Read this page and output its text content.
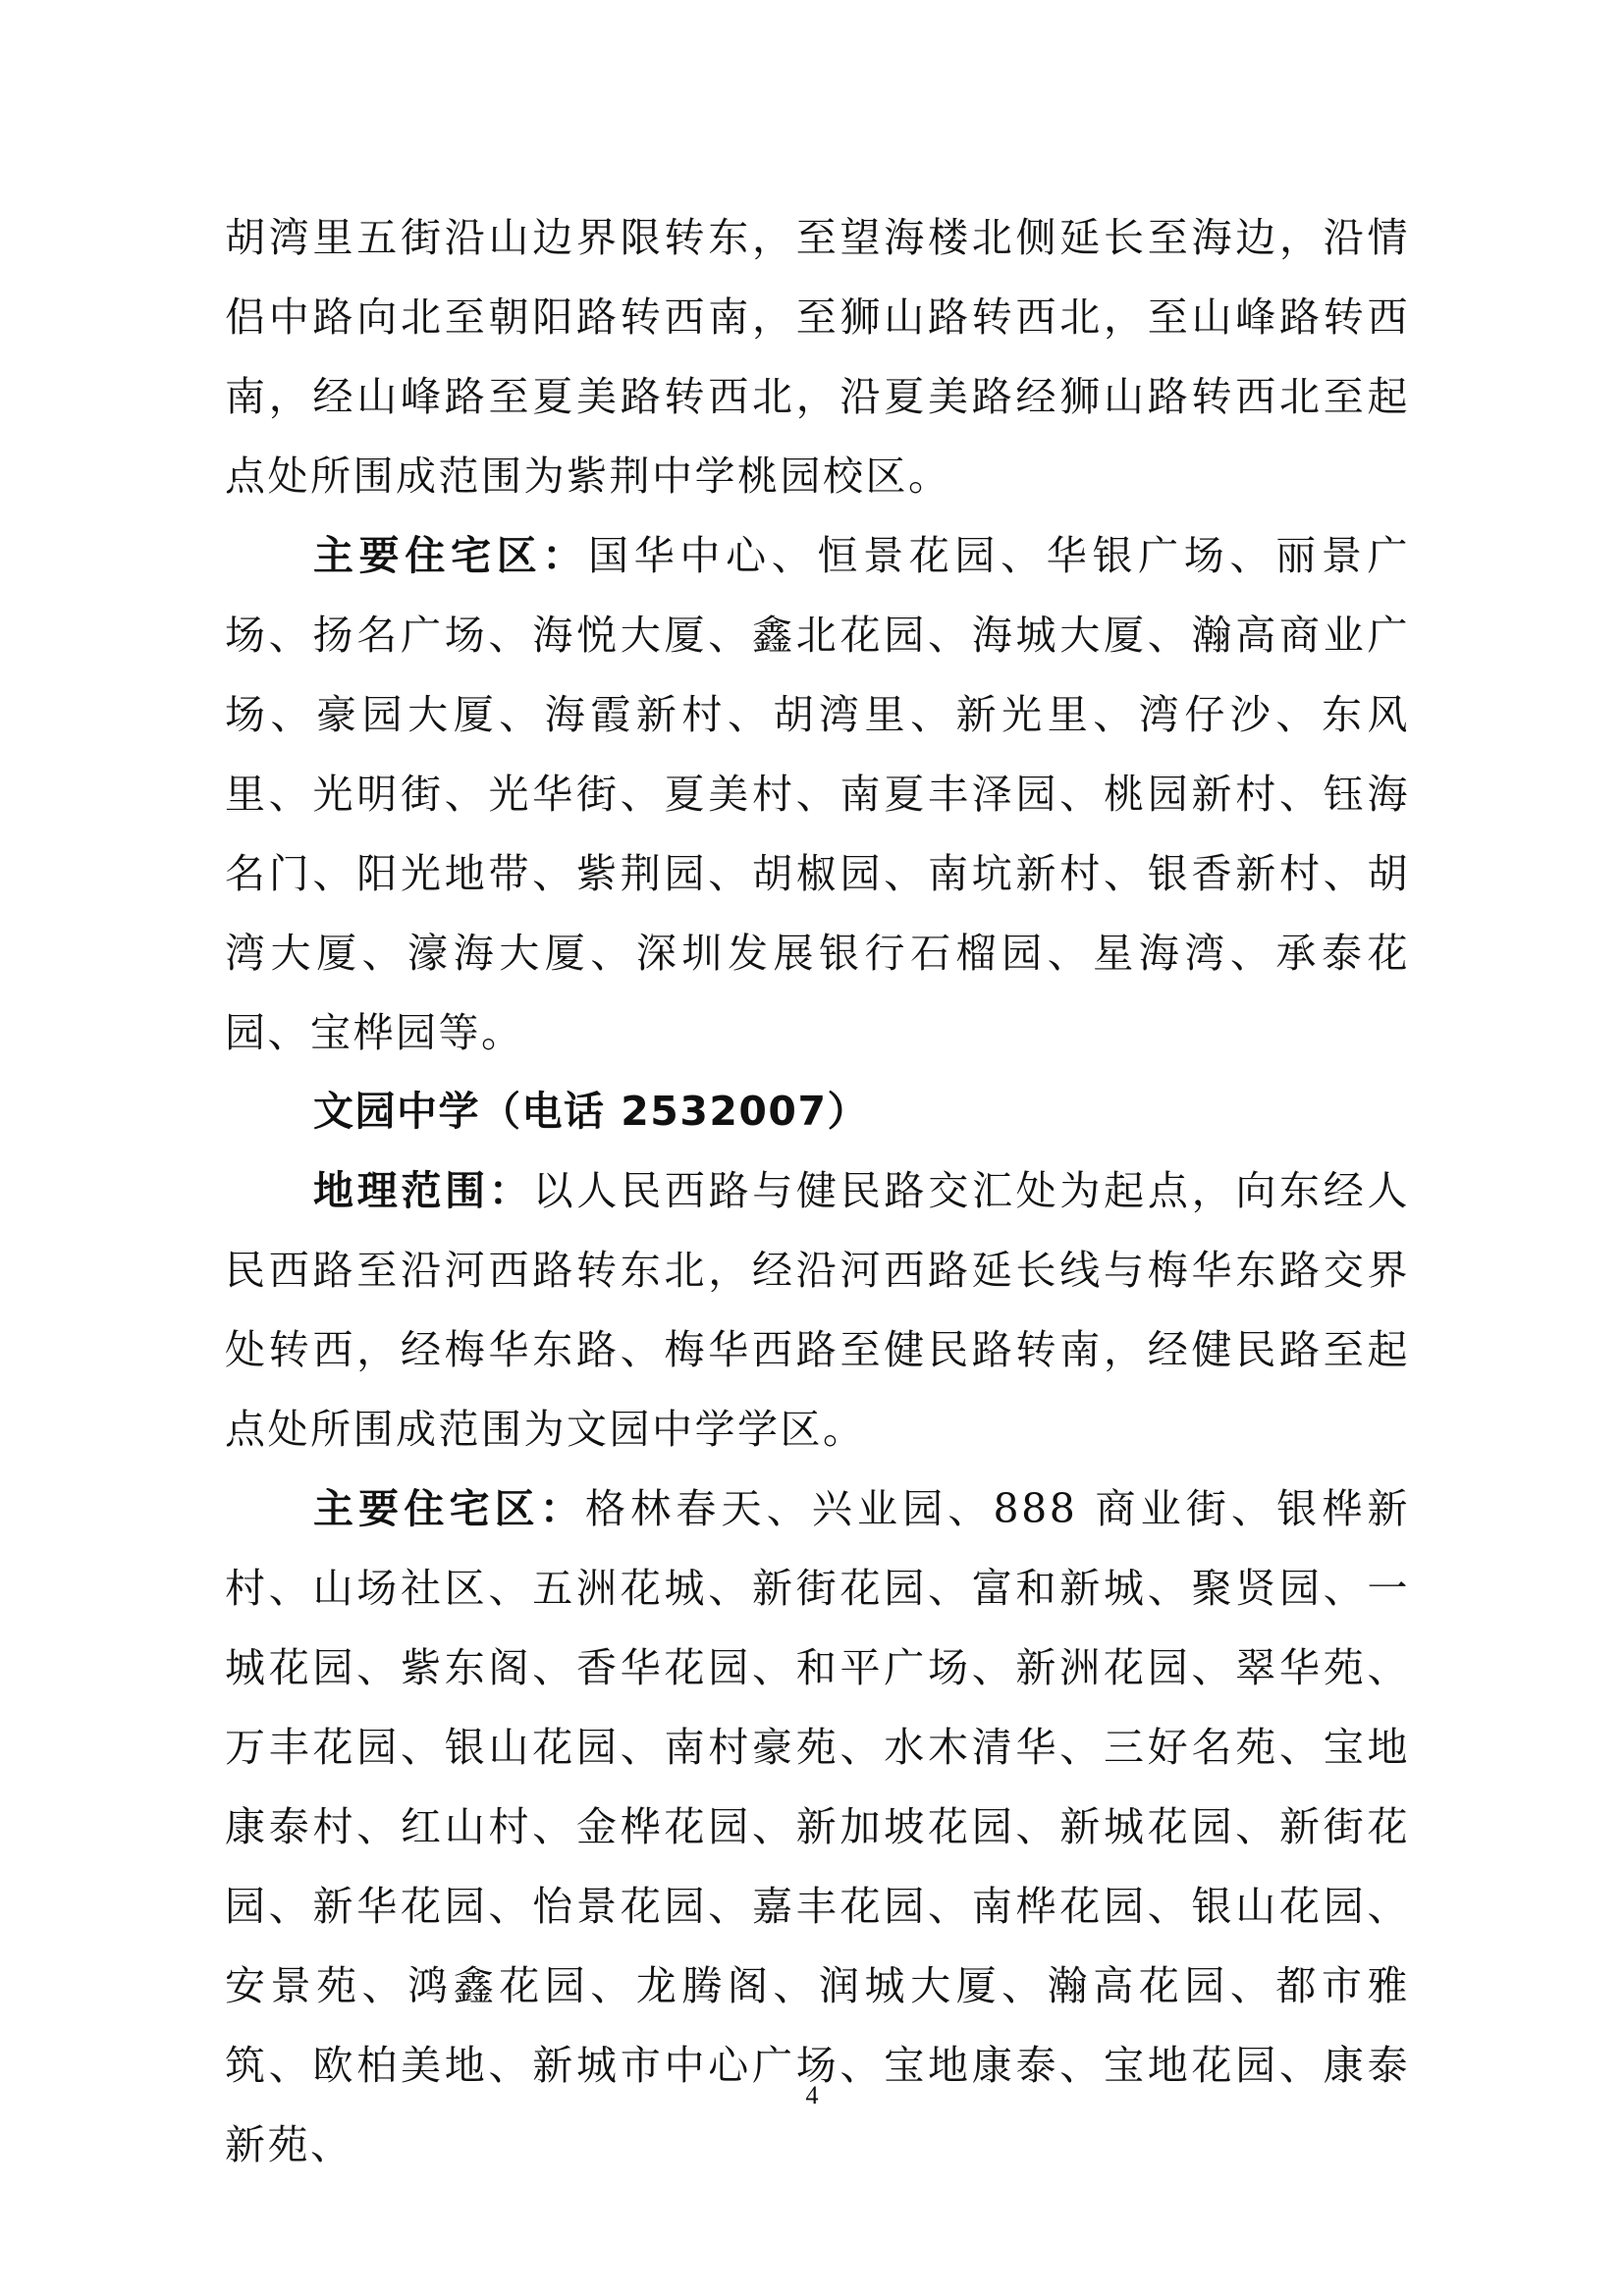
胡湾里五街沿山边界限转东，至望海楼北侧延长至海边，沿情侣中路向北至朝阳路转西南，至狮山路转西北，至山峰路转西南，经山峰路至夏美路转西北，沿夏美路经狮山路转西北至起点处所围成范围为紫荆中学桃园校区。

主要住宅区：国华中心、恒景花园、华银广场、丽景广场、扬名广场、海悦大厦、鑫北花园、海城大厦、瀚高商业广场、豪园大厦、海霞新村、胡湾里、新光里、湾仔沙、东风里、光明街、光华街、夏美村、南夏丰泽园、桃园新村、钰海名门、阳光地带、紫荆园、胡椒园、南坑新村、银香新村、胡湾大厦、濠海大厦、深圳发展银行石榴园、星海湾、承泰花园、宝桦园等。

文园中学（电话 2532007）

地理范围：以人民西路与健民路交汇处为起点，向东经人民西路至沿河西路转东北，经沿河西路延长线与梅华东路交界处转西，经梅华东路、梅华西路至健民路转南，经健民路至起点处所围成范围为文园中学学区。

主要住宅区：格林春天、兴业园、888 商业街、银桦新村、山场社区、五洲花城、新街花园、富和新城、聚贤园、一城花园、紫东阁、香华花园、和平广场、新洲花园、翠华苑、万丰花园、银山花园、南村豪苑、水木清华、三好名苑、宝地康泰村、红山村、金桦花园、新加坡花园、新城花园、新街花园、新华花园、怡景花园、嘉丰花园、南桦花园、银山花园、安景苑、鸿鑫花园、龙腾阁、润城大厦、瀚高花园、都市雅筑、欧柏美地、新城市中心广场、宝地康泰、宝地花园、康泰新苑、

4
